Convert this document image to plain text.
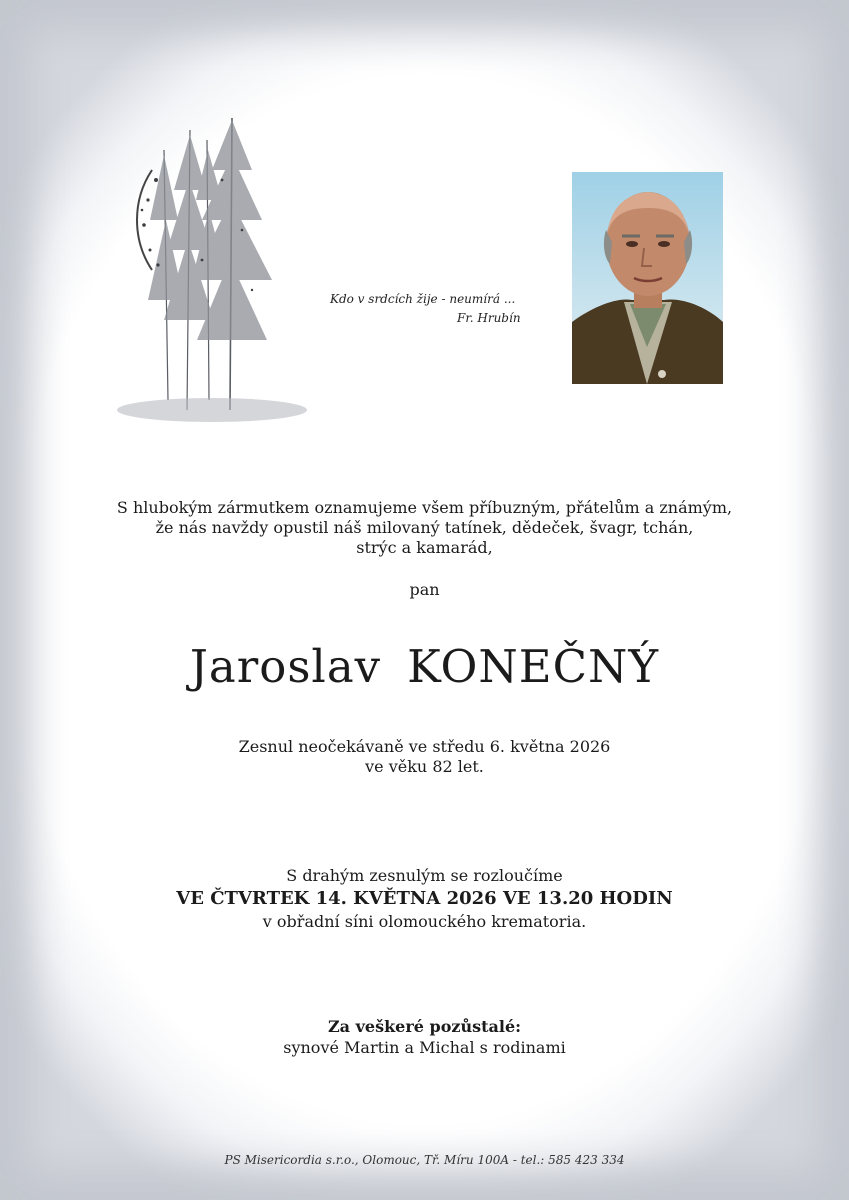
Kdo v srdcích žije - neumírá ...
Fr. Hrubín
S hlubokým zármutkem oznamujeme všem příbuzným, přátelům a známým,
že nás navždy opustil náš milovaný tatínek, dědeček, švagr, tchán,
strýc a kamarád,
pan
Jaroslav KONEČNÝ
Zesnul neočekávaně ve středu 6. května 2026
ve věku 82 let.
S drahým zesnulým se rozloučíme
VE ČTVRTEK 14. KVĚTNA 2026 VE 13.20 HODIN
v obřadní síni olomouckého krematoria.
Za veškeré pozůstalé:
synové Martin a Michal s rodinami
PS Misericordia s.r.o., Olomouc, Tř. Míru 100A - tel.: 585 423 334
